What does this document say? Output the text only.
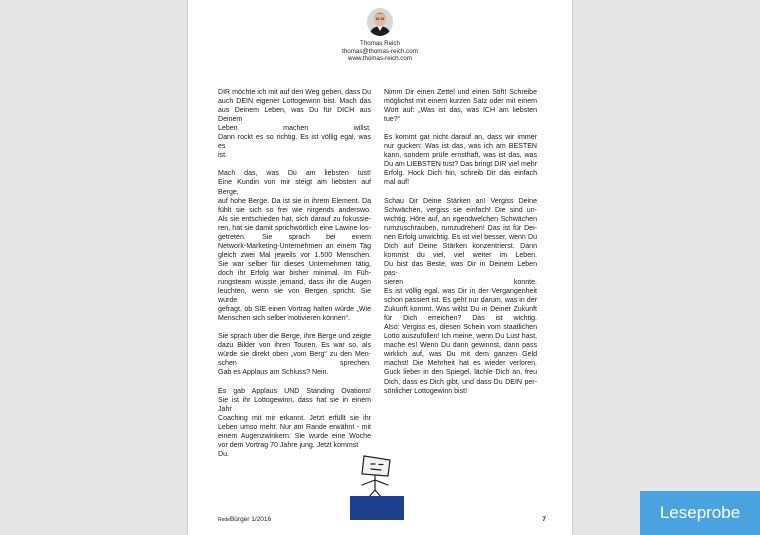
Thomas Reich
thomas@thomas-reich.com
www.thomas-reich.com

DIR möchte ich mit auf den Weg geben, dass Du
auch DEIN eigener Lottogewinn bist. Mach das
aus Deinem Leben, was Du für DICH aus Deinem
Leben machen willst.
Dann rockt es so richtig. Es ist völlig egal, was es
ist.

Mach das, was Du am liebsten tust!
Eine Kundin von mir steigt am liebsten auf Berge,
auf hohe Berge. Da ist sie in ihrem Element. Da
fühlt sie sich so frei wie nirgends anderswo.
Als sie entschieden hat, sich darauf zu fokussie-
ren, hat sie damit sprichwörtlich eine Lawine los-
getreten. Sie sprach bei einem
Network-Marketing-Unternehmen an einem Tag
gleich zwei Mal jeweils vor 1.500 Menschen.
Sie war selber für dieses Unternehmen tätig,
doch ihr Erfolg war bisher minimal. Im Füh-
rungsteam wusste jemand, dass ihr die Augen
leuchten, wenn sie von Bergen spricht. Sie wurde
gefragt, ob SIE einen Vortrag halten würde „Wie
Menschen sich selber motivieren können“.

Sie sprach über die Berge, ihre Berge und zeigte
dazu Bilder von ihren Touren. Es war so, als
würde sie direkt oben „vom Berg“ zu den Men-
schen sprechen.
Gab es Applaus am Schluss? Nein.

Es gab Applaus UND Standing Ovations!
Sie ist ihr Lottogewinn, dass hat sie in einem Jahr
Coaching mit mir erkannt. Jetzt erfüllt sie ihr
Leben umso mehr. Nur am Rande erwähnt - mit
einem Augenzwinkern: Sie wurde eine Woche
vor dem Vortrag 70 Jahre jung. Jetzt kommst Du.

Nimm Dir einen Zettel und einen Stift! Schreibe
möglichst mit einem kurzen Satz oder mit einem
Wort auf: „Was ist das, was ICH am liebsten
tue?“

Es kommt gar nicht darauf an, dass wir immer
nur gucken: Was ist das, was ich am BESTEN
kann, sondern prüfe ernsthaft, was ist das, was
Du am LIEBSTEN tust? Das bringt DIR viel mehr
Erfolg. Hock Dich hin, schreib Dir das einfach
mal auf!

Schau Dir Deine Stärken an! Vergiss Deine
Schwächen, vergiss sie einfach! Die sind un-
wichtig. Höre auf, an irgendwelchen Schwächen
rumzuschrauben, rumzudrehen! Das ist für Dei-
nen Erfolg unwichtig. Es ist viel besser, wenn Du
Dich auf Deine Stärken konzentrierst. Dann
kommst du viel, viel weiter im Leben.
Du bist das Beste, was Dir in Deinem Leben pas-
sieren konnte.
Es ist völlig egal, was Dir in der Vergangenheit
schon passiert ist. Es geht nur darum, was in der
Zukunft kommt. Was willst Du in Deiner Zukunft
für Dich erreichen? Das ist wichtig.
Also: Vergiss es, diesen Schein vom staatlichen
Lotto auszufüllen! Ich meine, wenn Du Lust hast,
mache es! Wenn Du dann gewinnst, dann pass
wirklich auf, was Du mit dem ganzen Geld
machst! Die Mehrheit hat es wieder verloren.
Guck lieber in den Spiegel, lächle Dich an, freu
Dich, dass es Dich gibt, und dass Du DEIN per-
sönlicher Lottogewinn bist!

RedeBürger 1/2016	7	Leseprobe
